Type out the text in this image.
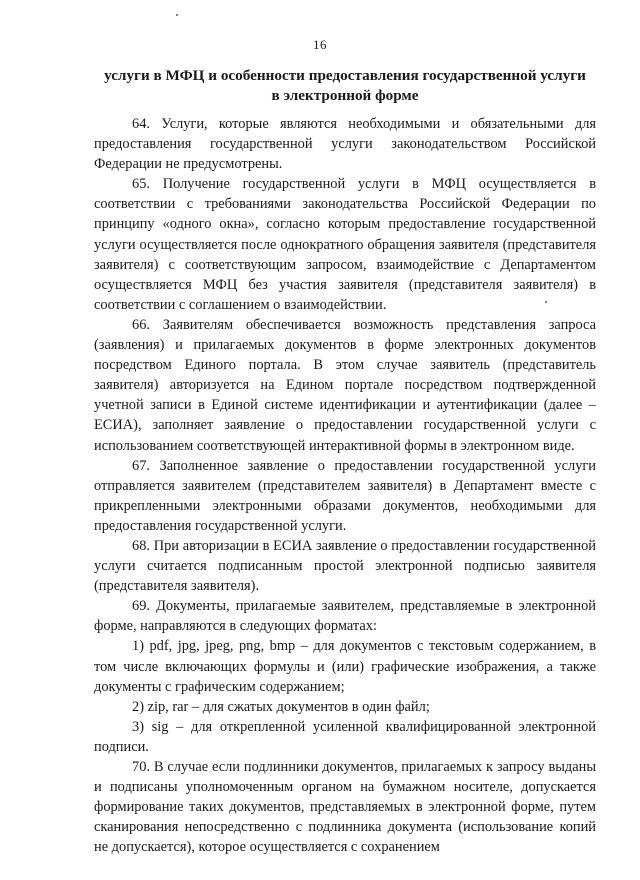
16
услуги в МФЦ и особенности предоставления государственной услуги
в электронной форме

64. Услуги, которые являются необходимыми и обязательными для предоставления государственной услуги законодательством Российской Федерации не предусмотрены.

65. Получение государственной услуги в МФЦ осуществляется в соответствии с требованиями законодательства Российской Федерации по принципу «одного окна», согласно которым предоставление государственной услуги осуществляется после однократного обращения заявителя (представителя заявителя) с соответствующим запросом, взаимодействие с Департаментом осуществляется МФЦ без участия заявителя (представителя заявителя) в соответствии с соглашением о взаимодействии.

66. Заявителям обеспечивается возможность представления запроса (заявления) и прилагаемых документов в форме электронных документов посредством Единого портала. В этом случае заявитель (представитель заявителя) авторизуется на Едином портале посредством подтвержденной учетной записи в Единой системе идентификации и аутентификации (далее – ЕСИА), заполняет заявление о предоставлении государственной услуги с использованием соответствующей интерактивной формы в электронном виде.

67. Заполненное заявление о предоставлении государственной услуги отправляется заявителем (представителем заявителя) в Департамент вместе с прикрепленными электронными образами документов, необходимыми для предоставления государственной услуги.

68. При авторизации в ЕСИА заявление о предоставлении государственной услуги считается подписанным простой электронной подписью заявителя (представителя заявителя).

69. Документы, прилагаемые заявителем, представляемые в электронной форме, направляются в следующих форматах:

1) pdf, jpg, jpeg, png, bmp – для документов с текстовым содержанием, в том числе включающих формулы и (или) графические изображения, а также документы с графическим содержанием;

2) zip, rar – для сжатых документов в один файл;

3) sig – для открепленной усиленной квалифицированной электронной подписи.

70. В случае если подлинники документов, прилагаемых к запросу выданы и подписаны уполномоченным органом на бумажном носителе, допускается формирование таких документов, представляемых в электронной форме, путем сканирования непосредственно с подлинника документа (использование копий не допускается), которое осуществляется с сохранением
